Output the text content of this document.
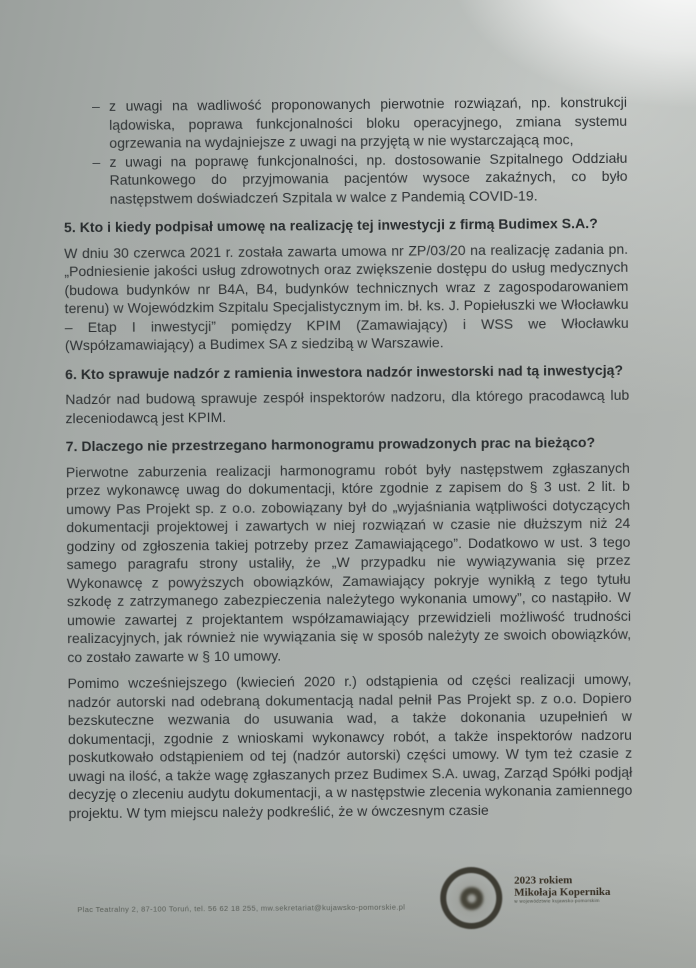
– z uwagi na wadliwość proponowanych pierwotnie rozwiązań, np. konstrukcji lądowiska, poprawa funkcjonalności bloku operacyjnego, zmiana systemu ogrzewania na wydajniejsze z uwagi na przyjętą w nie wystarczającą moc,
– z uwagi na poprawę funkcjonalności, np. dostosowanie Szpitalnego Oddziału Ratunkowego do przyjmowania pacjentów wysoce zakaźnych, co było następstwem doświadczeń Szpitala w walce z Pandemią COVID-19.
5. Kto i kiedy podpisał umowę na realizację tej inwestycji z firmą Budimex S.A.?

W dniu 30 czerwca 2021 r. została zawarta umowa nr ZP/03/20 na realizację zadania pn. „Podniesienie jakości usług zdrowotnych oraz zwiększenie dostępu do usług medycznych (budowa budynków nr B4A, B4, budynków technicznych wraz z zagospodarowaniem terenu) w Wojewódzkim Szpitalu Specjalistycznym im. bł. ks. J. Popiełuszki we Włocławku – Etap I inwestycji” pomiędzy KPIM (Zamawiający) i WSS we Włocławku (Współzamawiający) a Budimex SA z siedzibą w Warszawie.

6. Kto sprawuje nadzór z ramienia inwestora nadzór inwestorski nad tą inwestycją?

Nadzór nad budową sprawuje zespół inspektorów nadzoru, dla którego pracodawcą lub zleceniodawcą jest KPIM.

7. Dlaczego nie przestrzegano harmonogramu prowadzonych prac na bieżąco?

Pierwotne zaburzenia realizacji harmonogramu robót były następstwem zgłaszanych przez wykonawcę uwag do dokumentacji, które zgodnie z zapisem do § 3 ust. 2 lit. b umowy Pas Projekt sp. z o.o. zobowiązany był do „wyjaśniania wątpliwości dotyczących dokumentacji projektowej i zawartych w niej rozwiązań w czasie nie dłuższym niż 24 godziny od zgłoszenia takiej potrzeby przez Zamawiającego”. Dodatkowo w ust. 3 tego samego paragrafu strony ustaliły, że „W przypadku nie wywiązywania się przez Wykonawcę z powyższych obowiązków, Zamawiający pokryje wynikłą z tego tytułu szkodę z zatrzymanego zabezpieczenia należytego wykonania umowy”, co nastąpiło. W umowie zawartej z projektantem współzamawiający przewidzieli możliwość trudności realizacyjnych, jak również nie wywiązania się w sposób należyty ze swoich obowiązków, co zostało zawarte w § 10 umowy.

Pomimo wcześniejszego (kwiecień 2020 r.) odstąpienia od części realizacji umowy, nadzór autorski nad odebraną dokumentacją nadal pełnił Pas Projekt sp. z o.o. Dopiero bezskuteczne wezwania do usuwania wad, a także dokonania uzupełnień w dokumentacji, zgodnie z wnioskami wykonawcy robót, a także inspektorów nadzoru poskutkowało odstąpieniem od tej (nadzór autorski) części umowy. W tym też czasie z uwagi na ilość, a także wagę zgłaszanych przez Budimex S.A. uwag, Zarząd Spółki podjął decyzję o zleceniu audytu dokumentacji, a w następstwie zlecenia wykonania zamiennego projektu. W tym miejscu należy podkreślić, że w ówczesnym czasie

Plac Teatralny 2, 87-100 Toruń, tel. 56 62 18 255, mw.sekretariat@kujawsko-pomorskie.pl
2023 rokiem
Mikołaja Kopernika
w województwie kujawsko-pomorskim
